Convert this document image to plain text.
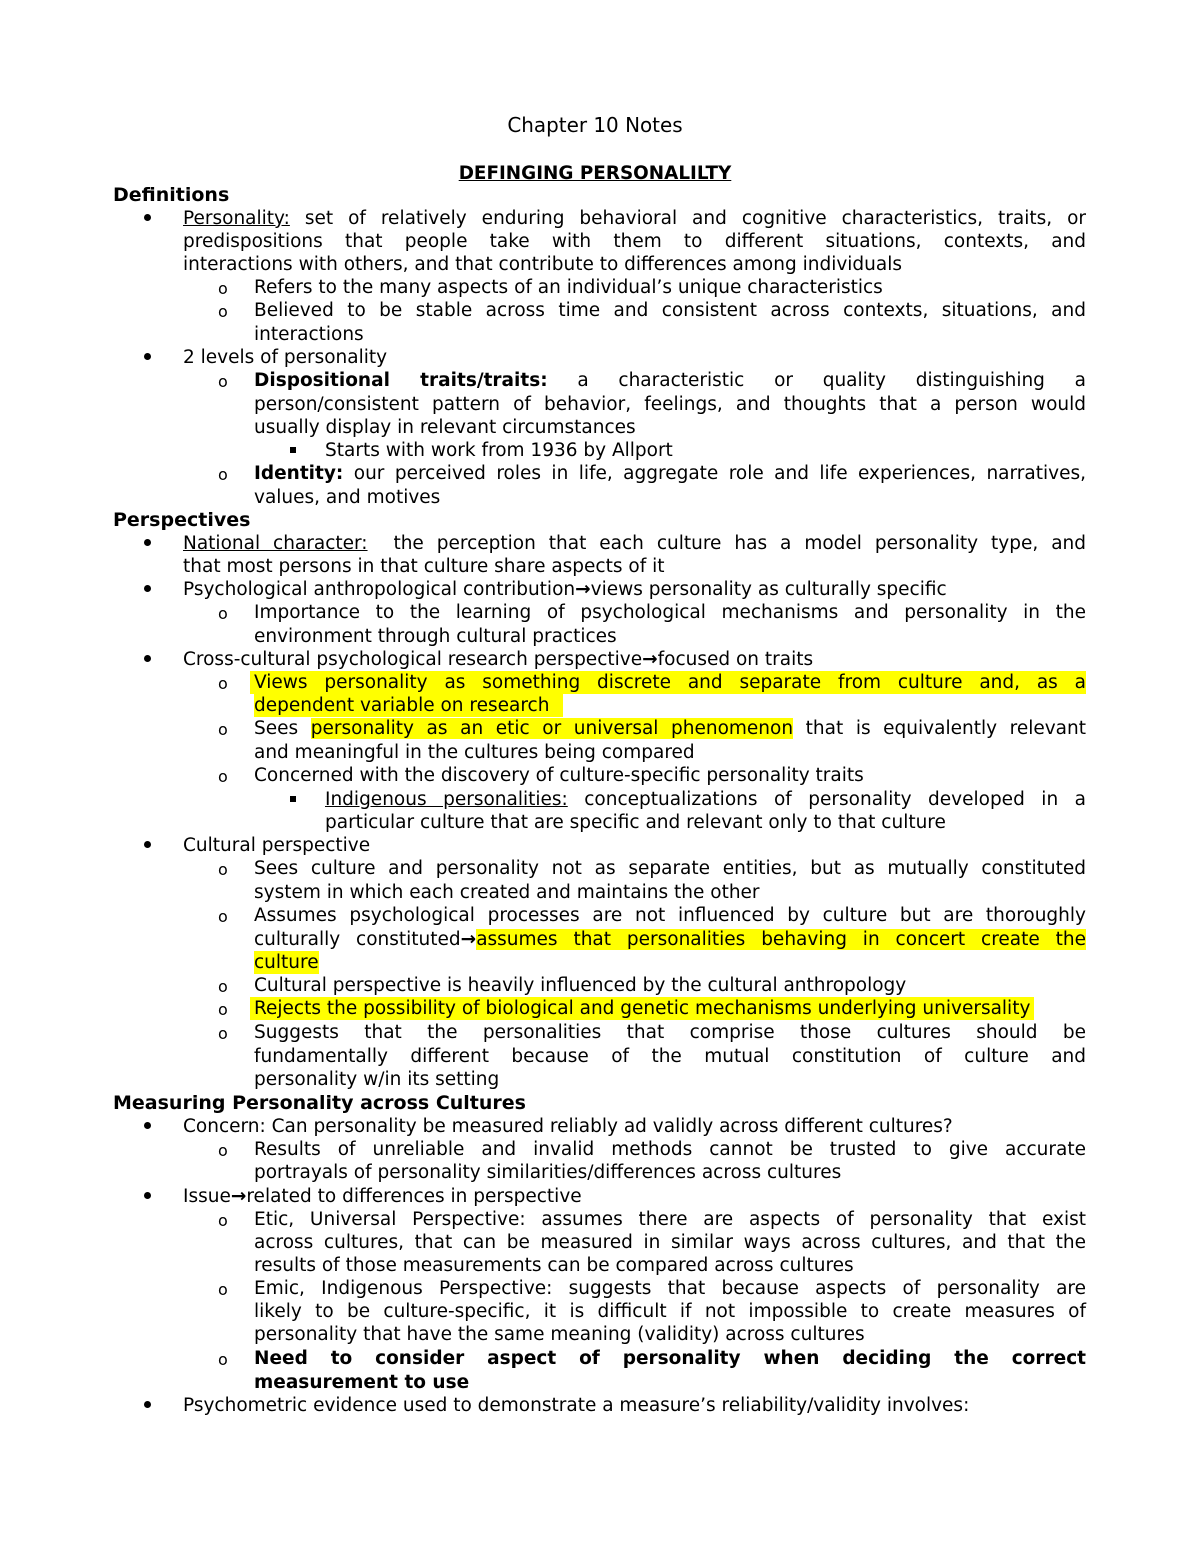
Chapter 10 Notes

DEFINGING PERSONALILTY

Definitions

Personality: set of relatively enduring behavioral and cognitive characteristics, traits, or

predispositions that people take with them to different situations, contexts, and

interactions with others, and that contribute to differences among individuals

o Refers to the many aspects of an individual’s unique characteristics

o Believed to be stable across time and consistent across contexts, situations, and

interactions

2 levels of personality

o Dispositional traits/traits: a characteristic or quality distinguishing a

person/consistent pattern of behavior, feelings, and thoughts that a person would

usually display in relevant circumstances

Starts with work from 1936 by Allport

o Identity: our perceived roles in life, aggregate role and life experiences, narratives,

values, and motives

Perspectives

National character: the perception that each culture has a model personality type, and

that most persons in that culture share aspects of it

Psychological anthropological contribution→views personality as culturally specific

o Importance to the learning of psychological mechanisms and personality in the

environment through cultural practices

Cross-cultural psychological research perspective→focused on traits

o Views personality as something discrete and separate from culture and, as a

dependent variable on research

o Sees personality as an etic or universal phenomenon that is equivalently relevant

and meaningful in the cultures being compared

o Concerned with the discovery of culture-specific personality traits

Indigenous personalities: conceptualizations of personality developed in a

particular culture that are specific and relevant only to that culture

Cultural perspective

o Sees culture and personality not as separate entities, but as mutually constituted

system in which each created and maintains the other

o Assumes psychological processes are not influenced by culture but are thoroughly

culturally constituted→assumes that personalities behaving in concert create the

culture

o Cultural perspective is heavily influenced by the cultural anthropology

o Rejects the possibility of biological and genetic mechanisms underlying universality

o Suggests that the personalities that comprise those cultures should be

fundamentally different because of the mutual constitution of culture and

personality w/in its setting

Measuring Personality across Cultures

Concern: Can personality be measured reliably ad validly across different cultures?

o Results of unreliable and invalid methods cannot be trusted to give accurate

portrayals of personality similarities/differences across cultures

Issue→related to differences in perspective

o Etic, Universal Perspective: assumes there are aspects of personality that exist

across cultures, that can be measured in similar ways across cultures, and that the

results of those measurements can be compared across cultures

o Emic, Indigenous Perspective: suggests that because aspects of personality are

likely to be culture-specific, it is difficult if not impossible to create measures of

personality that have the same meaning (validity) across cultures

o Need to consider aspect of personality when deciding the correct

measurement to use

Psychometric evidence used to demonstrate a measure’s reliability/validity involves:
